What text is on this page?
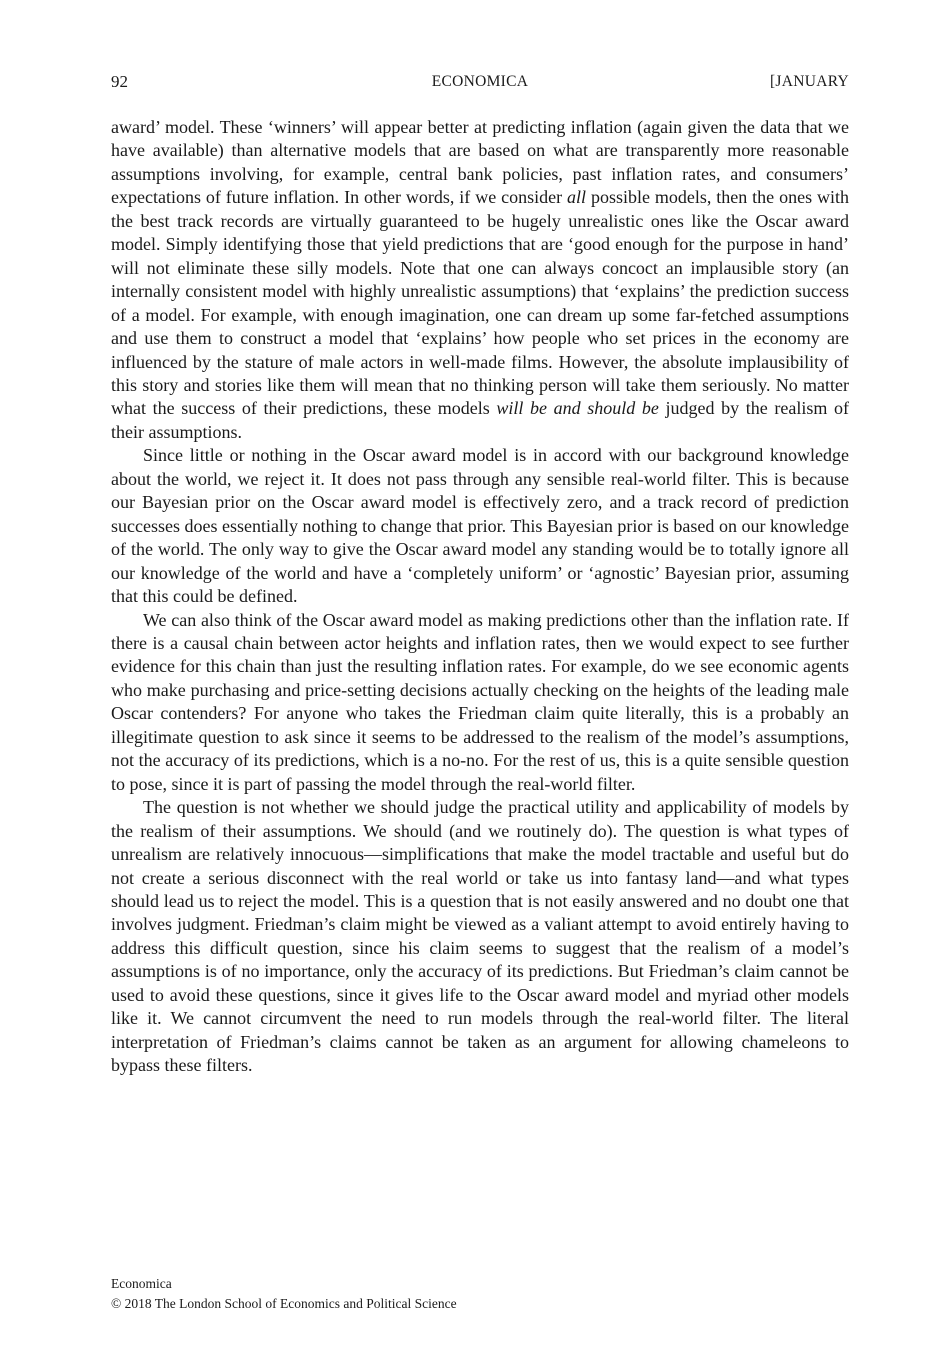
92	ECONOMICA	[JANUARY

award’ model. These ‘winners’ will appear better at predicting inflation (again given the data that we have available) than alternative models that are based on what are transparently more reasonable assumptions involving, for example, central bank policies, past inflation rates, and consumers’ expectations of future inflation. In other words, if we consider all possible models, then the ones with the best track records are virtually guaranteed to be hugely unrealistic ones like the Oscar award model. Simply identifying those that yield predictions that are ‘good enough for the purpose in hand’ will not eliminate these silly models. Note that one can always concoct an implausible story (an internally consistent model with highly unrealistic assumptions) that ‘explains’ the prediction success of a model. For example, with enough imagination, one can dream up some far-fetched assumptions and use them to construct a model that ‘explains’ how people who set prices in the economy are influenced by the stature of male actors in well-made films. However, the absolute implausibility of this story and stories like them will mean that no thinking person will take them seriously. No matter what the success of their predictions, these models will be and should be judged by the realism of their assumptions.

Since little or nothing in the Oscar award model is in accord with our background knowledge about the world, we reject it. It does not pass through any sensible real-world filter. This is because our Bayesian prior on the Oscar award model is effectively zero, and a track record of prediction successes does essentially nothing to change that prior. This Bayesian prior is based on our knowledge of the world. The only way to give the Oscar award model any standing would be to totally ignore all our knowledge of the world and have a ‘completely uniform’ or ‘agnostic’ Bayesian prior, assuming that this could be defined.

We can also think of the Oscar award model as making predictions other than the inflation rate. If there is a causal chain between actor heights and inflation rates, then we would expect to see further evidence for this chain than just the resulting inflation rates. For example, do we see economic agents who make purchasing and price-setting decisions actually checking on the heights of the leading male Oscar contenders? For anyone who takes the Friedman claim quite literally, this is a probably an illegitimate question to ask since it seems to be addressed to the realism of the model’s assumptions, not the accuracy of its predictions, which is a no-no. For the rest of us, this is a quite sensible question to pose, since it is part of passing the model through the real-world filter.

The question is not whether we should judge the practical utility and applicability of models by the realism of their assumptions. We should (and we routinely do). The question is what types of unrealism are relatively innocuous—simplifications that make the model tractable and useful but do not create a serious disconnect with the real world or take us into fantasy land—and what types should lead us to reject the model. This is a question that is not easily answered and no doubt one that involves judgment. Friedman’s claim might be viewed as a valiant attempt to avoid entirely having to address this difficult question, since his claim seems to suggest that the realism of a model’s assumptions is of no importance, only the accuracy of its predictions. But Friedman’s claim cannot be used to avoid these questions, since it gives life to the Oscar award model and myriad other models like it. We cannot circumvent the need to run models through the real-world filter. The literal interpretation of Friedman’s claims cannot be taken as an argument for allowing chameleons to bypass these filters.

Economica
© 2018 The London School of Economics and Political Science
